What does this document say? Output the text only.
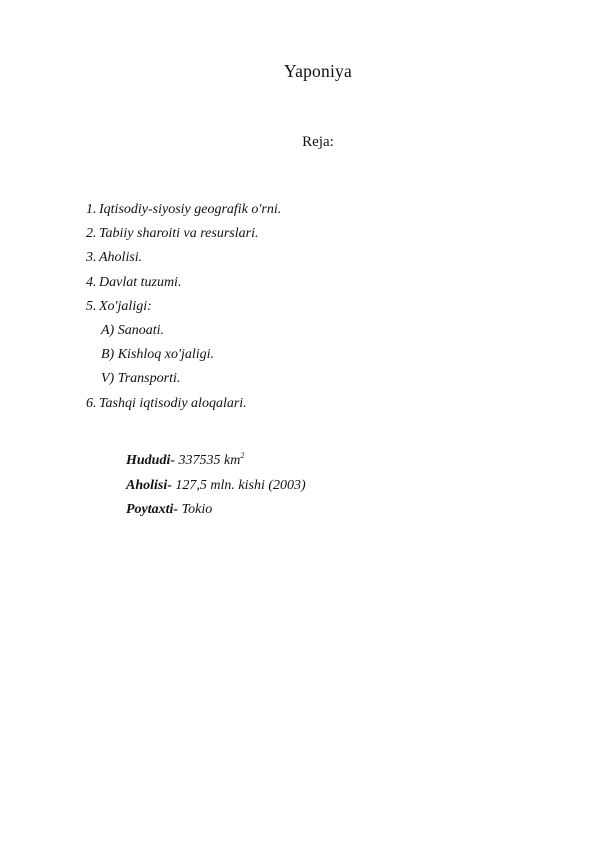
Yaponiya
Reja:
1. Iqtisodiy-siyosiy geografik o'rni.
2. Tabiiy sharoiti va resurslari.
3. Aholisi.
4. Davlat tuzumi.
5. Xo'jaligi:
A) Sanoati.
B) Kishloq xo'jaligi.
V) Transporti.
6. Tashqi iqtisodiy aloqalari.
Hududi- 337535 $km^2$
Aholisi- 127,5 mln. kishi (2003)
Poytaxti- Tokio
